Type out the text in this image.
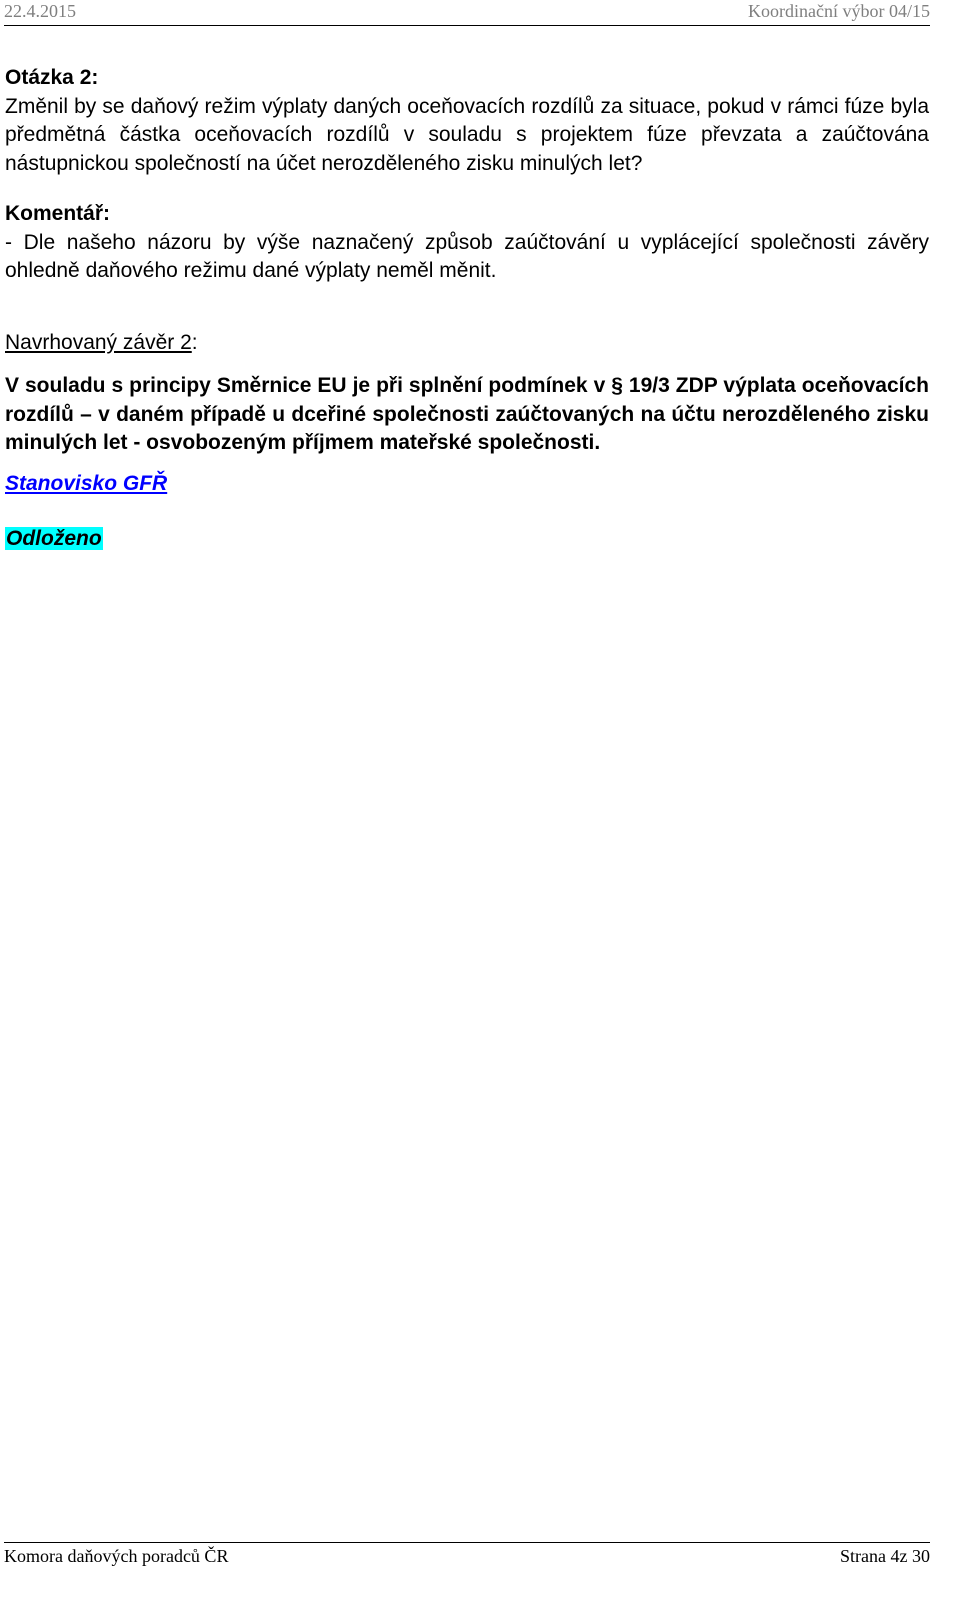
22.4.2015	Koordinační výbor 04/15
Otázka 2:

Změnil by se daňový režim výplaty daných oceňovacích rozdílů za situace, pokud v rámci fúze byla předmětná částka oceňovacích rozdílů v souladu s projektem fúze převzata a zaúčtována nástupnickou společností na účet nerozděleného zisku minulých let?

Komentář:

- Dle našeho názoru by výše naznačený způsob zaúčtování u vyplácející společnosti závěry ohledně daňového režimu dané výplaty neměl měnit.

Navrhovaný závěr 2:

V souladu s principy Směrnice EU je při splnění podmínek v § 19/3 ZDP výplata oceňovacích rozdílů – v daném případě u dceřiné společnosti zaúčtovaných na účtu nerozděleného zisku minulých let - osvobozeným příjmem mateřské společnosti.

Stanovisko GFŘ
Odloženo
Komora daňových poradců ČR	Strana 4z 30
